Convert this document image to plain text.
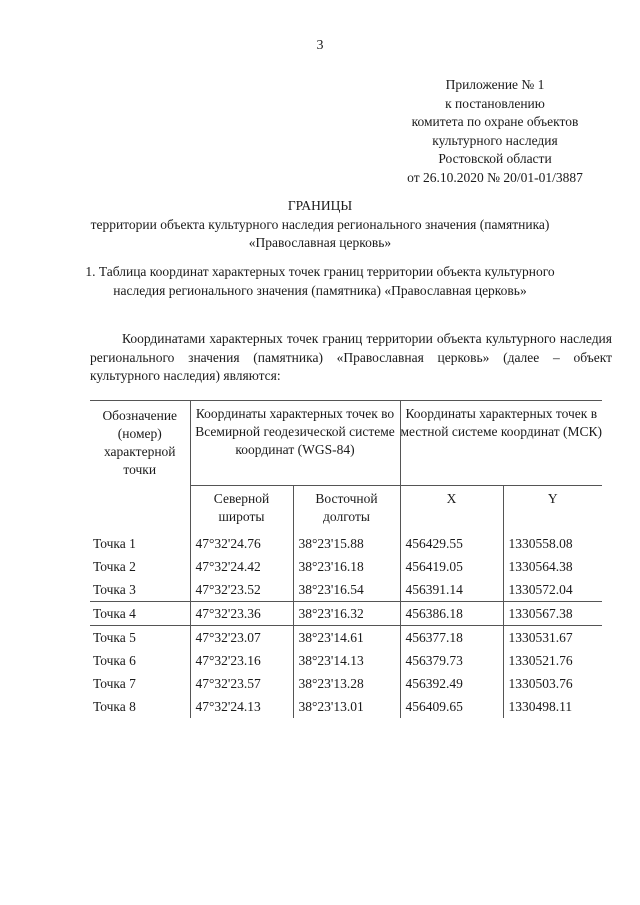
3
Приложение № 1
к постановлению
комитета по охране объектов
культурного наследия
Ростовской области
от 26.10.2020 № 20/01-01/3887
ГРАНИЦЫ
территории объекта культурного наследия регионального значения (памятника)
«Православная церковь»
1. Таблица координат характерных точек границ территории объекта культурного наследия регионального значения (памятника) «Православная церковь»
Координатами характерных точек границ территории объекта культурного наследия регионального значения (памятника) «Православная церковь» (далее – объект культурного наследия) являются:
Обозначение (номер) характерной точки	Координаты характерных точек во Всемирной геодезической системе координат (WGS-84)		Координаты характерных точек в местной системе координат (МСК)	
	Северной широты	Восточной долготы	X	Y
Точка 1	47°32'24.76	38°23'15.88	456429.55	1330558.08
Точка 2	47°32'24.42	38°23'16.18	456419.05	1330564.38
Точка 3	47°32'23.52	38°23'16.54	456391.14	1330572.04
Точка 4	47°32'23.36	38°23'16.32	456386.18	1330567.38
Точка 5	47°32'23.07	38°23'14.61	456377.18	1330531.67
Точка 6	47°32'23.16	38°23'14.13	456379.73	1330521.76
Точка 7	47°32'23.57	38°23'13.28	456392.49	1330503.76
Точка 8	47°32'24.13	38°23'13.01	456409.65	1330498.11
